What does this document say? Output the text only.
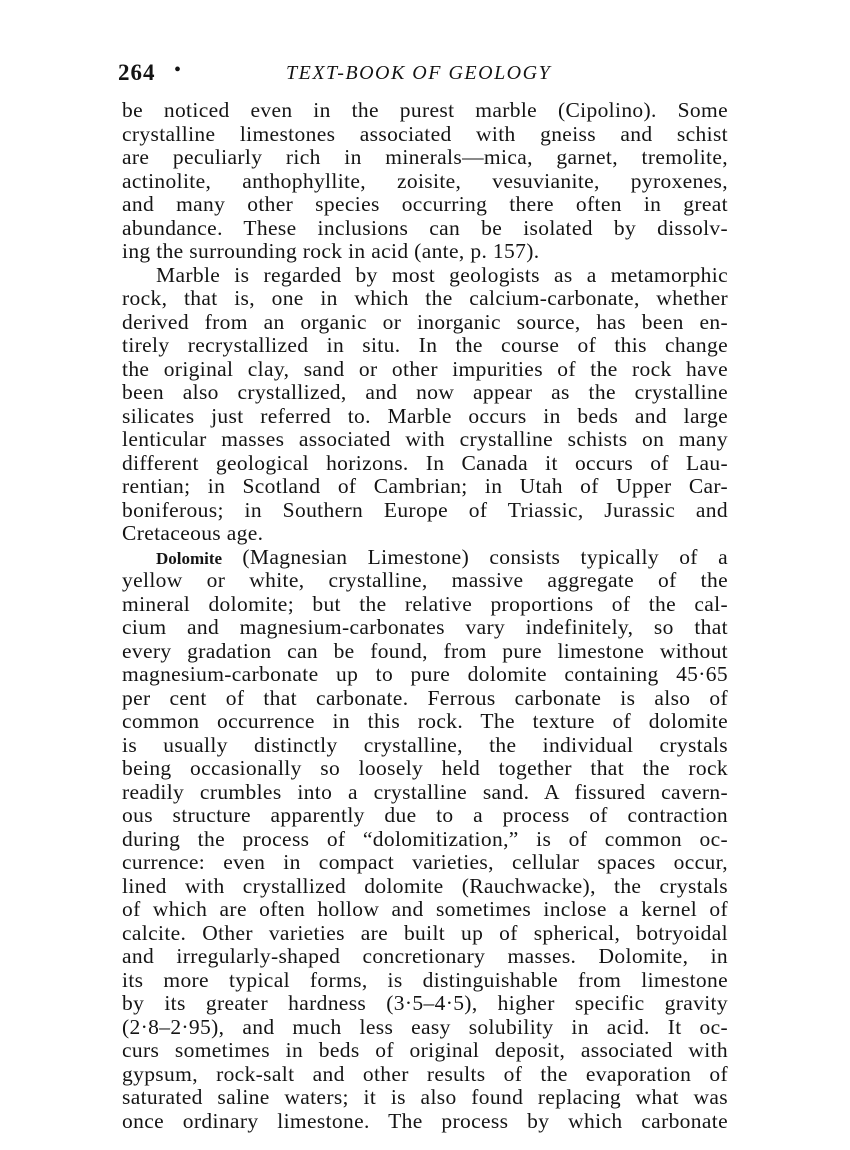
264 •	TEXT-BOOK OF GEOLOGY
be noticed even in the purest marble (Cipolino). Some
crystalline limestones associated with gneiss and schist
are peculiarly rich in minerals—mica, garnet, tremolite,
actinolite, anthophyllite, zoisite, vesuvianite, pyroxenes,
and many other species occurring there often in great
abundance. These inclusions can be isolated by dissolv-
ing the surrounding rock in acid (ante, p. 157).
Marble is regarded by most geologists as a metamorphic
rock, that is, one in which the calcium-carbonate, whether
derived from an organic or inorganic source, has been en-
tirely recrystallized in situ. In the course of this change
the original clay, sand or other impurities of the rock have
been also crystallized, and now appear as the crystalline
silicates just referred to. Marble occurs in beds and large
lenticular masses associated with crystalline schists on many
different geological horizons. In Canada it occurs of Lau-
rentian; in Scotland of Cambrian; in Utah of Upper Car-
boniferous; in Southern Europe of Triassic, Jurassic and
Cretaceous age.
Dolomite (Magnesian Limestone) consists typically of a
yellow or white, crystalline, massive aggregate of the
mineral dolomite; but the relative proportions of the cal-
cium and magnesium-carbonates vary indefinitely, so that
every gradation can be found, from pure limestone without
magnesium-carbonate up to pure dolomite containing 45·65
per cent of that carbonate. Ferrous carbonate is also of
common occurrence in this rock. The texture of dolomite
is usually distinctly crystalline, the individual crystals
being occasionally so loosely held together that the rock
readily crumbles into a crystalline sand. A fissured cavern-
ous structure apparently due to a process of contraction
during the process of “dolomitization,” is of common oc-
currence: even in compact varieties, cellular spaces occur,
lined with crystallized dolomite (Rauchwacke), the crystals
of which are often hollow and sometimes inclose a kernel of
calcite. Other varieties are built up of spherical, botryoidal
and irregularly-shaped concretionary masses. Dolomite, in
its more typical forms, is distinguishable from limestone
by its greater hardness (3·5–4·5), higher specific gravity
(2·8–2·95), and much less easy solubility in acid. It oc-
curs sometimes in beds of original deposit, associated with
gypsum, rock-salt and other results of the evaporation of
saturated saline waters; it is also found replacing what was
once ordinary limestone. The process by which carbonate
